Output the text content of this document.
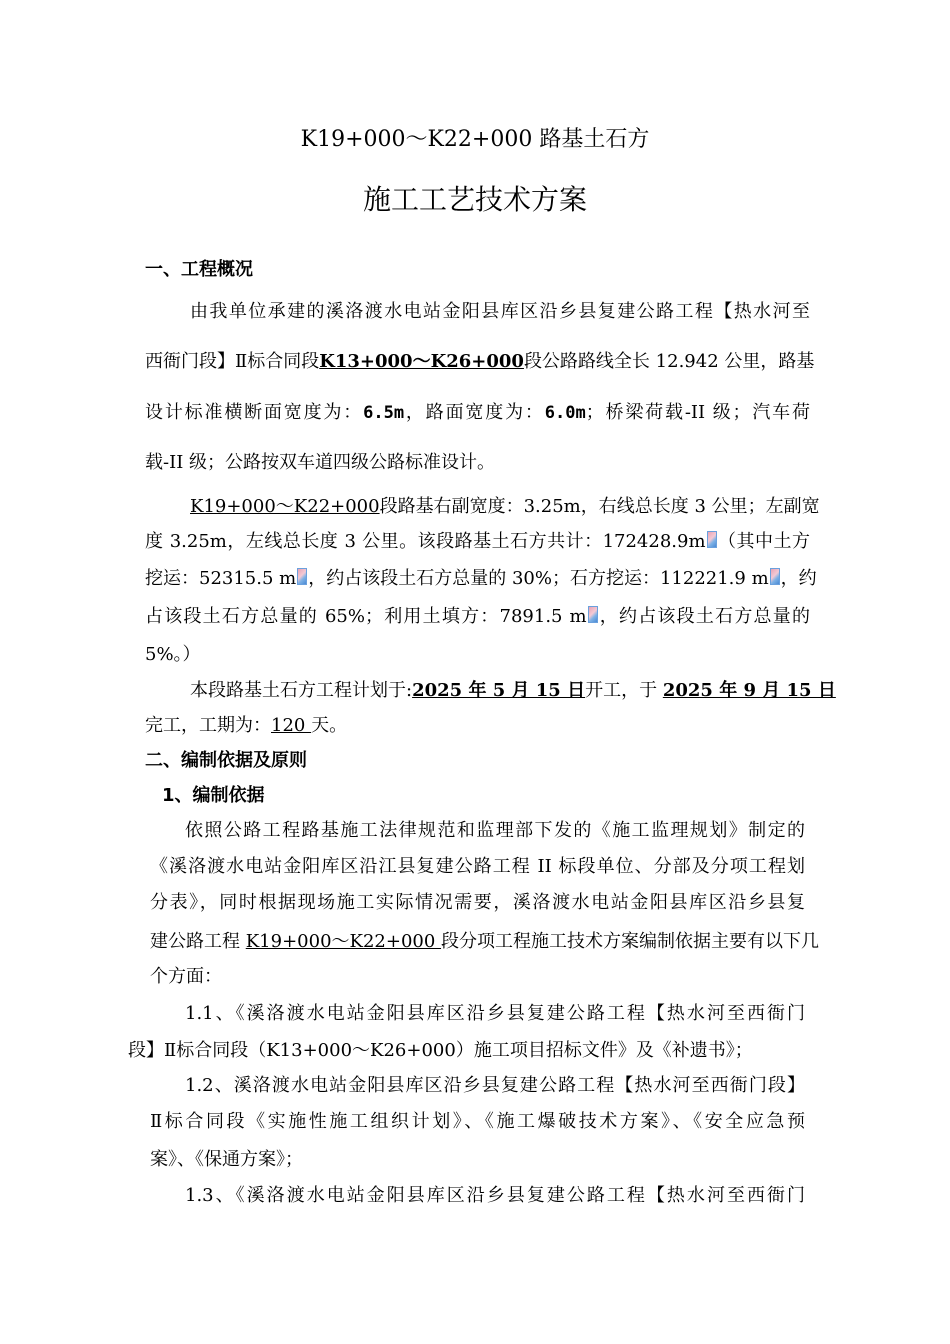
K19+000～K22+000 路基土石方
施工工艺技术方案
一、工程概况
由我单位承建的溪洛渡水电站金阳县库区沿乡县复建公路工程【热水河至
西衙门段】Ⅱ标合同段K13+000～K26+000段公路路线全长 12.942 公里，路基
设计标准横断面宽度为：6.5m，路面宽度为：6.0m；桥梁荷载-II 级；汽车荷
载-II 级；公路按双车道四级公路标准设计。
K19+000～K22+000段路基右副宽度：3.25m，右线总长度 3 公里；左副宽
度 3.25m，左线总长度 3 公里。该段路基土石方共计：172428.9m （其中土方
挖运：52315.5 m ，约占该段土石方总量的 30%；石方挖运：112221.9 m ，约
占该段土石方总量的 65%；利用土填方：7891.5 m ，约占该段土石方总量的
5%。）
本段路基土石方工程计划于:2025 年 5 月 15 日开工，于 2025 年 9 月 15 日
完工，工期为：120 天。
二、编制依据及原则
1、编制依据
依照公路工程路基施工法律规范和监理部下发的《施工监理规划》制定的
《溪洛渡水电站金阳库区沿江县复建公路工程 II 标段单位、分部及分项工程划
分表》，同时根据现场施工实际情况需要，溪洛渡水电站金阳县库区沿乡县复
建公路工程 K19+000～K22+000 段分项工程施工技术方案编制依据主要有以下几
个方面：
1.1、《溪洛渡水电站金阳县库区沿乡县复建公路工程【热水河至西衙门
段】Ⅱ标合同段（K13+000～K26+000）施工项目招标文件》及《补遗书》；
1.2、溪洛渡水电站金阳县库区沿乡县复建公路工程【热水河至西衙门段】
Ⅱ标合同段《实施性施工组织计划》、《施工爆破技术方案》、《安全应急预
案》、《保通方案》；
1.3、《溪洛渡水电站金阳县库区沿乡县复建公路工程【热水河至西衙门
